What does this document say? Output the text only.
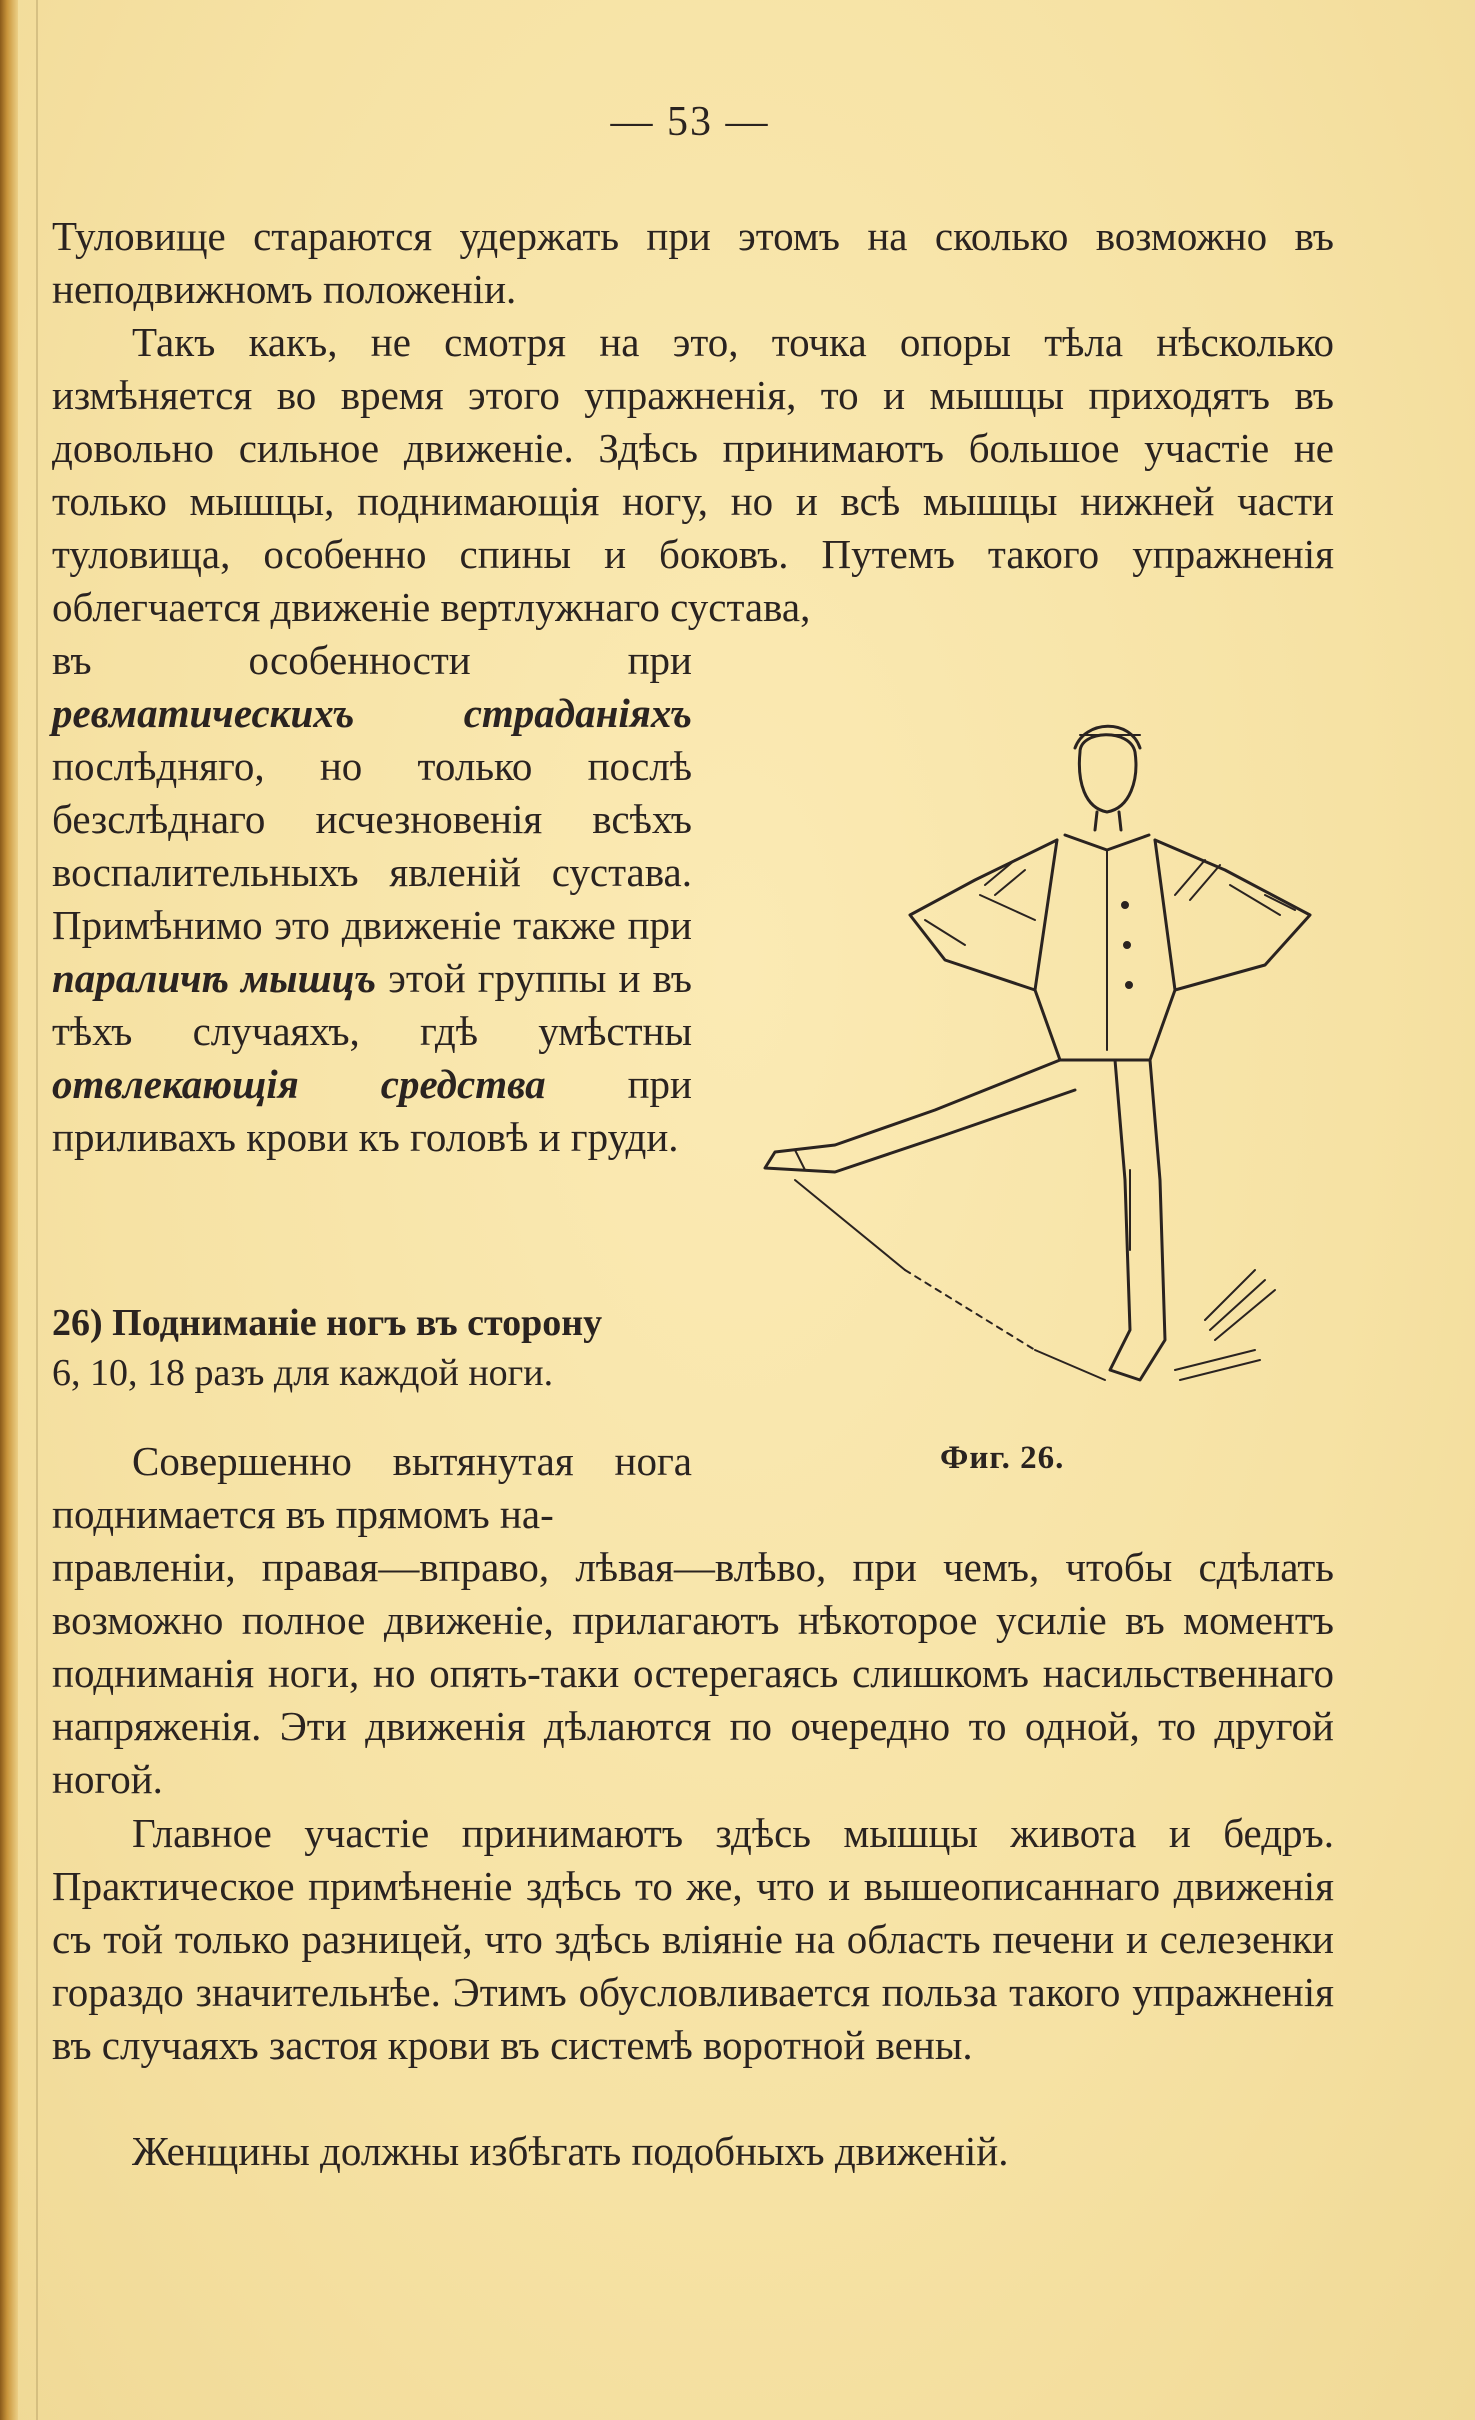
— 53 —

Туловище стараются удержать при этомъ на сколько возможно въ неподвижномъ положенiи.

Такъ какъ, не смотря на это, точка опоры тѣла нѣсколько измѣняется во время этого упражненiя, то и мышцы приходятъ въ довольно сильное движенiе. Здѣсь принимаютъ большое участiе не только мышцы, поднимающiя ногу, но и всѣ мышцы нижней части туловища, особенно спины и боковъ. Путемъ такого упражненiя облегчается движенiе вертлужнаго сустава,

въ особенности при ревматическихъ страданiяхъ послѣдняго, но только послѣ безслѣднаго исчезновенiя всѣхъ воспалительныхъ явленiй сустава. Примѣнимо это движенiе также при параличѣ мышцъ этой группы и въ тѣхъ случаяхъ, гдѣ умѣстны отвлекающiя средства при приливахъ крови къ головѣ и груди.

26) Подниманiе ногъ въ сторону
6, 10, 18 разъ для каждой ноги.
Фиг. 26.

Совершенно вытянутая нога поднимается въ прямомъ на-

правленiи, правая—вправо, лѣвая—влѣво, при чемъ, чтобы сдѣлать возможно полное движенiе, прилагаютъ нѣкоторое усилiе въ моментъ подниманiя ноги, но опять-таки остерегаясь слишкомъ насильственнаго напряженiя. Эти движенiя дѣлаются по очередно то одной, то другой ногой.

Главное участiе принимаютъ здѣсь мышцы живота и бедръ. Практическое примѣненiе здѣсь то же, что и вышеописаннаго движенiя съ той только разницей, что здѣсь влiянiе на область печени и селезенки гораздо значительнѣе. Этимъ обусловливается польза такого упражненiя въ случаяхъ застоя крови въ системѣ воротной вены.

Женщины должны избѣгать подобныхъ движенiй.
